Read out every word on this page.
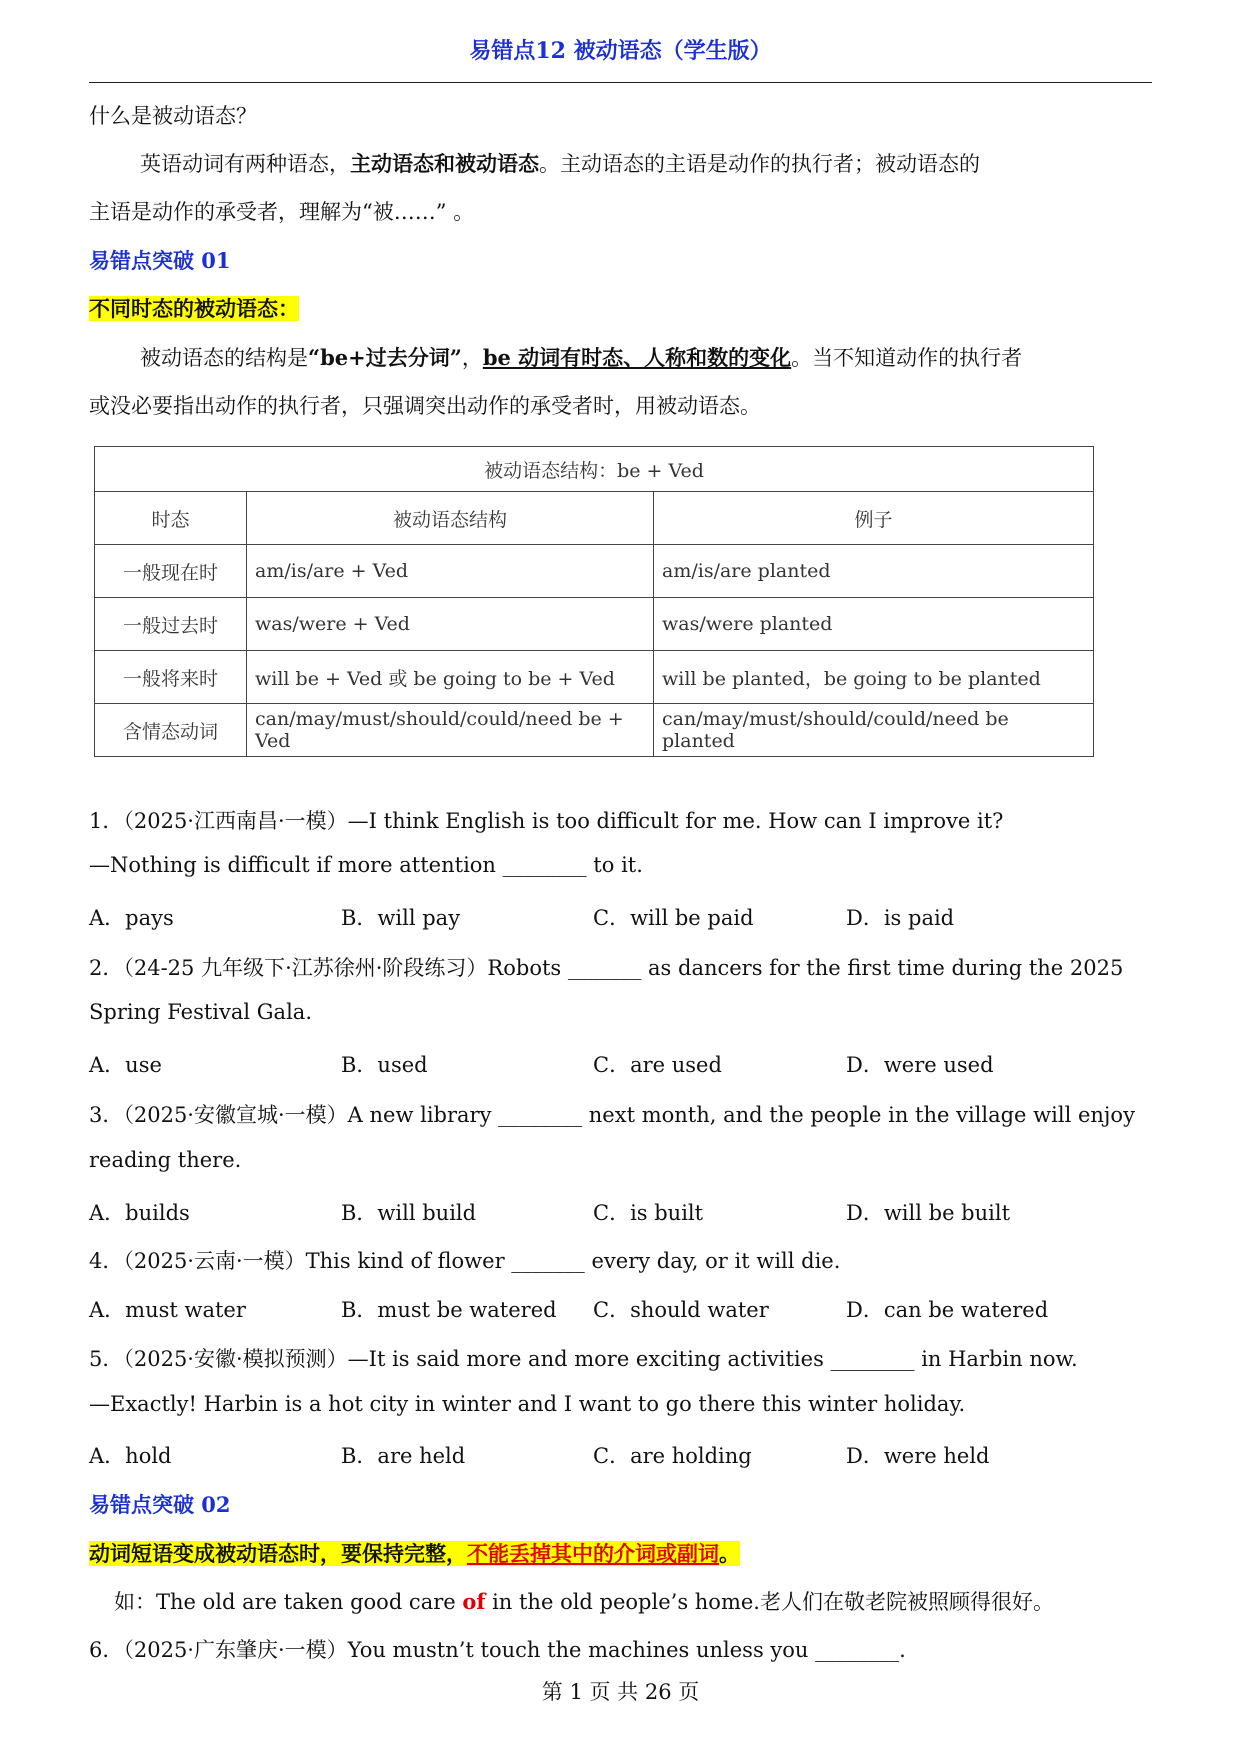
易错点12 被动语态（学生版）
什么是被动语态？
英语动词有两种语态，主动语态和被动语态。主动语态的主语是动作的执行者；被动语态的
主语是动作的承受者，理解为“被……” 。
易错点突破 01
不同时态的被动语态：
被动语态的结构是“be+过去分词”，be 动词有时态、人称和数的变化。当不知道动作的执行者
或没必要指出动作的执行者，只强调突出动作的承受者时，用被动语态。
被动语态结构：be + Ved		
时态	被动语态结构	例子
一般现在时	am/is/are + Ved	am/is/are planted
一般过去时	was/were + Ved	was/were planted
一般将来时	will be + Ved 或 be going to be + Ved	will be planted，be going to be planted
含情态动词	can/may/must/should/could/need be + Ved	can/may/must/should/could/need be planted
1．（2025·江西南昌·一模）—I think English is too difficult for me. How can I improve it?
—Nothing is difficult if more attention ________ to it.
A．pays	B．will pay	C．will be paid	D．is paid
2．（24-25 九年级下·江苏徐州·阶段练习）Robots _______ as dancers for the first time during the 2025
Spring Festival Gala.
A．use	B．used	C．are used	D．were used
3．（2025·安徽宣城·一模）A new library ________ next month, and the people in the village will enjoy
reading there.
A．builds	B．will build	C．is built	D．will be built
4．（2025·云南·一模）This kind of flower _______ every day, or it will die.
A．must water	B．must be watered C．should water	D．can be watered
5．（2025·安徽·模拟预测）—It is said more and more exciting activities ________ in Harbin now.
—Exactly! Harbin is a hot city in winter and I want to go there this winter holiday.
A．hold	B．are held	C．are holding	D．were held
易错点突破 02
动词短语变成被动语态时，要保持完整，不能丢掉其中的介词或副词。
如：The old are taken good care of in the old people’s home.老人们在敬老院被照顾得很好。
6．（2025·广东肇庆·一模）You mustn’t touch the machines unless you ________.
第 1 页 共 26 页
